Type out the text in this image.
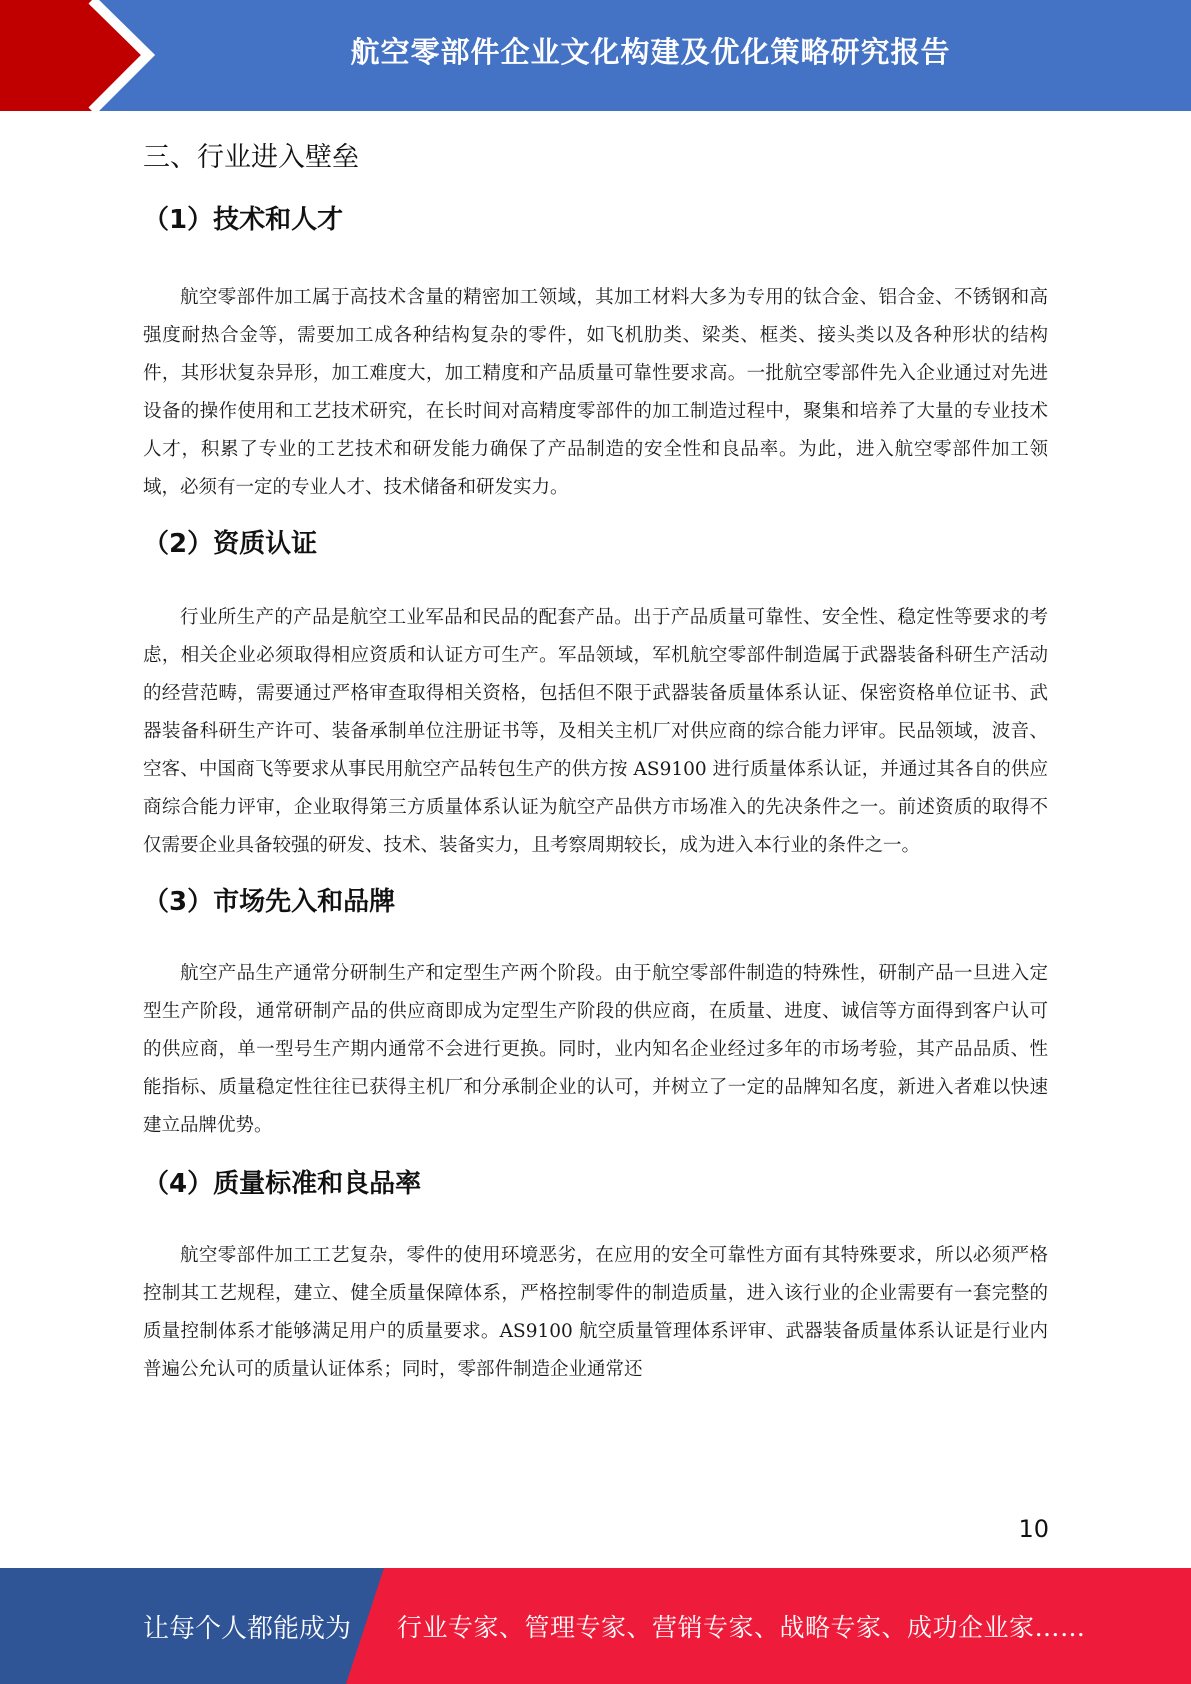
航空零部件企业文化构建及优化策略研究报告
三、行业进入壁垒
（1）技术和人才

航空零部件加工属于高技术含量的精密加工领域，其加工材料大多为专用的钛合金、铝合金、不锈钢和高强度耐热合金等，需要加工成各种结构复杂的零件，如飞机肋类、梁类、框类、接头类以及各种形状的结构件，其形状复杂异形，加工难度大，加工精度和产品质量可靠性要求高。一批航空零部件先入企业通过对先进设备的操作使用和工艺技术研究，在长时间对高精度零部件的加工制造过程中，聚集和培养了大量的专业技术人才，积累了专业的工艺技术和研发能力确保了产品制造的安全性和良品率。为此，进入航空零部件加工领域，必须有一定的专业人才、技术储备和研发实力。

（2）资质认证

行业所生产的产品是航空工业军品和民品的配套产品。出于产品质量可靠性、安全性、稳定性等要求的考虑，相关企业必须取得相应资质和认证方可生产。军品领域，军机航空零部件制造属于武器装备科研生产活动的经营范畴，需要通过严格审查取得相关资格，包括但不限于武器装备质量体系认证、保密资格单位证书、武器装备科研生产许可、装备承制单位注册证书等，及相关主机厂对供应商的综合能力评审。民品领域，波音、空客、中国商飞等要求从事民用航空产品转包生产的供方按 AS9100 进行质量体系认证，并通过其各自的供应商综合能力评审，企业取得第三方质量体系认证为航空产品供方市场准入的先决条件之一。前述资质的取得不仅需要企业具备较强的研发、技术、装备实力，且考察周期较长，成为进入本行业的条件之一。

（3）市场先入和品牌

航空产品生产通常分研制生产和定型生产两个阶段。由于航空零部件制造的特殊性，研制产品一旦进入定型生产阶段，通常研制产品的供应商即成为定型生产阶段的供应商，在质量、进度、诚信等方面得到客户认可的供应商，单一型号生产期内通常不会进行更换。同时，业内知名企业经过多年的市场考验，其产品品质、性能指标、质量稳定性往往已获得主机厂和分承制企业的认可，并树立了一定的品牌知名度，新进入者难以快速建立品牌优势。

（4）质量标准和良品率

航空零部件加工工艺复杂，零件的使用环境恶劣，在应用的安全可靠性方面有其特殊要求，所以必须严格控制其工艺规程，建立、健全质量保障体系，严格控制零件的制造质量，进入该行业的企业需要有一套完整的质量控制体系才能够满足用户的质量要求。AS9100 航空质量管理体系评审、武器装备质量体系认证是行业内普遍公允认可的质量认证体系；同时，零部件制造企业通常还

10
让每个人都能成为 行业专家、管理专家、营销专家、战略专家、成功企业家……
